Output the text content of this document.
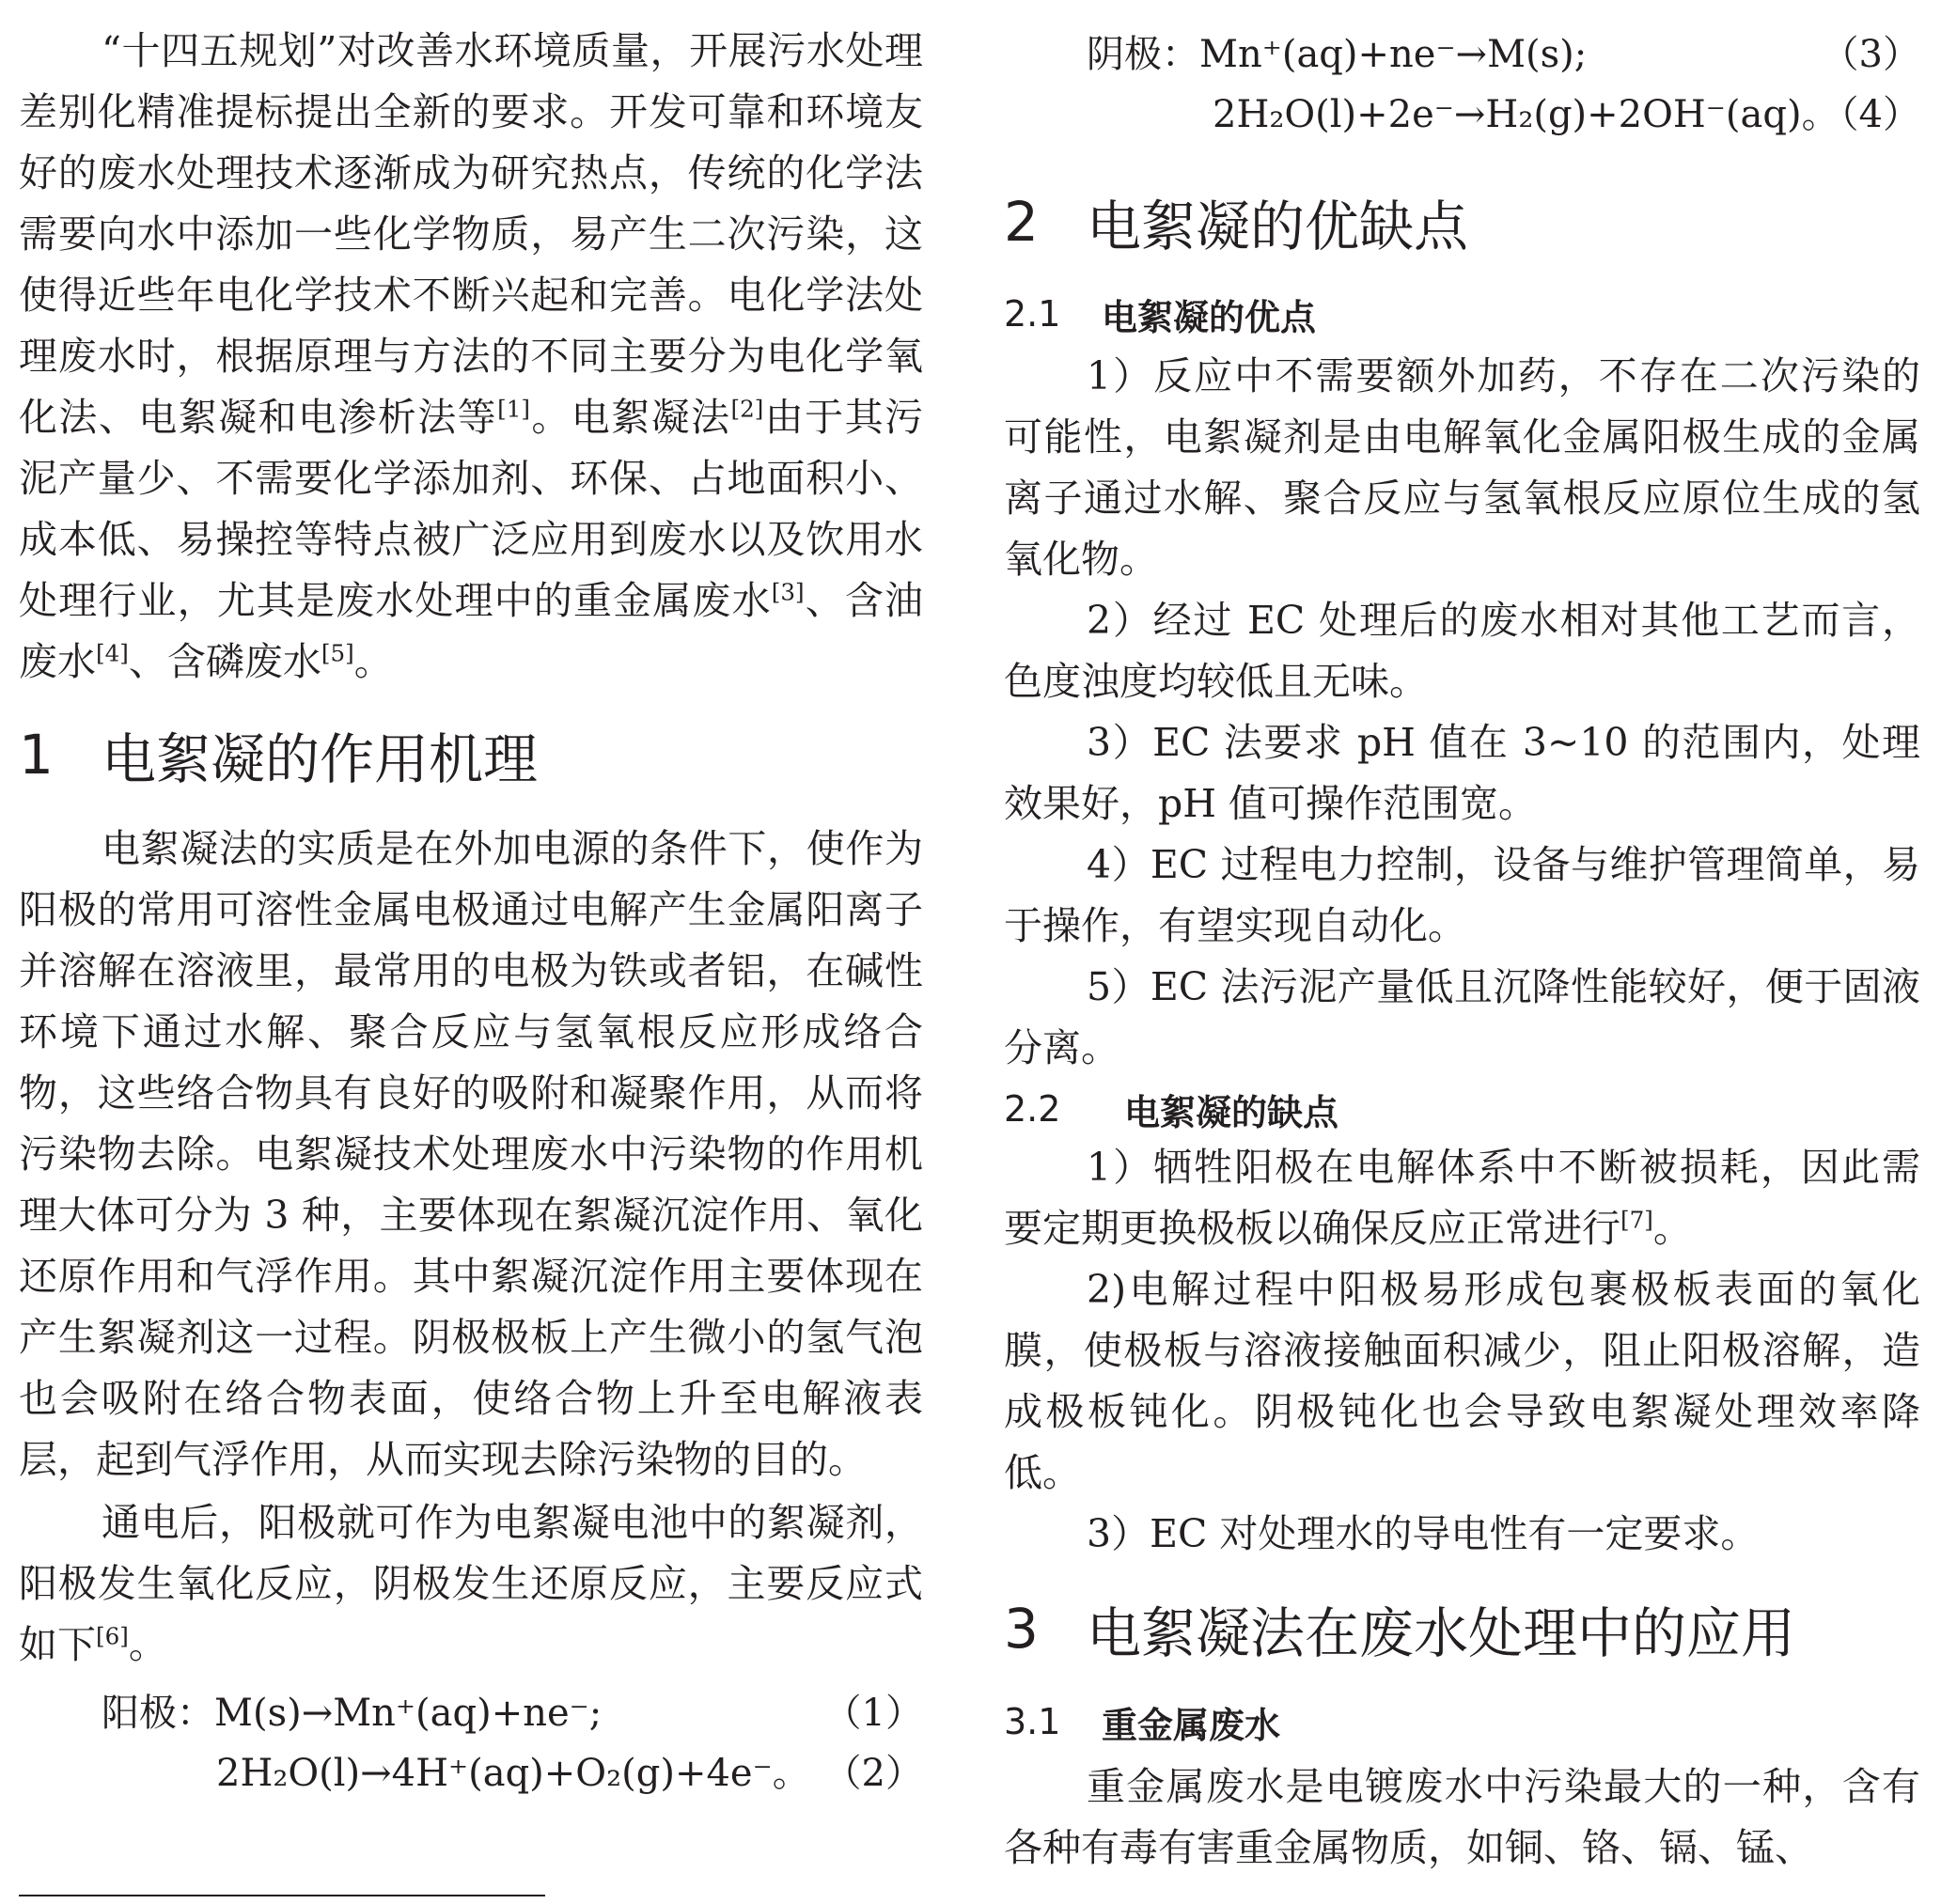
“十四五规划”对改善水环境质量，开展污水处理差别化精准提标提出全新的要求。开发可靠和环境友好的废水处理技术逐渐成为研究热点，传统的化学法需要向水中添加一些化学物质，易产生二次污染，这使得近些年电化学技术不断兴起和完善。电化学法处理废水时，根据原理与方法的不同主要分为电化学氧化法、电絮凝和电渗析法等[1]。电絮凝法[2]由于其污泥产量少、不需要化学添加剂、环保、占地面积小、成本低、易操控等特点被广泛应用到废水以及饮用水处理行业，尤其是废水处理中的重金属废水[3]、含油废水[4]、含磷废水[5]。

1 电絮凝的作用机理

电絮凝法的实质是在外加电源的条件下，使作为阳极的常用可溶性金属电极通过电解产生金属阳离子并溶解在溶液里，最常用的电极为铁或者铝，在碱性环境下通过水解、聚合反应与氢氧根反应形成络合物，这些络合物具有良好的吸附和凝聚作用，从而将污染物去除。电絮凝技术处理废水中污染物的作用机理大体可分为 3 种，主要体现在絮凝沉淀作用、氧化还原作用和气浮作用。其中絮凝沉淀作用主要体现在产生絮凝剂这一过程。阴极极板上产生微小的氢气泡也会吸附在络合物表面，使络合物上升至电解液表层，起到气浮作用，从而实现去除污染物的目的。

通电后，阳极就可作为电絮凝电池中的絮凝剂，阳极发生氧化反应，阴极发生还原反应，主要反应式如下[6]。

阳极：M(s)→Mn⁺(aq)+ne⁻;	（1）
2H₂O(l)→4H⁺(aq)+O₂(g)+4e⁻。 （2）
阴极：Mn⁺(aq)+ne⁻→M(s);	（3）
2H₂O(l)+2e⁻→H₂(g)+2OH⁻(aq)。
（4）
2 电絮凝的优缺点
2.1	电絮凝的优点

1）反应中不需要额外加药，不存在二次污染的可能性，电絮凝剂是由电解氧化金属阳极生成的金属离子通过水解、聚合反应与氢氧根反应原位生成的氢氧化物。

2）经过 EC 处理后的废水相对其他工艺而言，色度浊度均较低且无味。

3）EC 法要求 pH 值在 3~10 的范围内，处理效果好，pH 值可操作范围宽。

4）EC 过程电力控制，设备与维护管理简单，易于操作，有望实现自动化。

5）EC 法污泥产量低且沉降性能较好，便于固液分离。

2.2	电絮凝的缺点

1）牺牲阳极在电解体系中不断被损耗，因此需要定期更换极板以确保反应正常进行[7]。

2)电解过程中阳极易形成包裹极板表面的氧化膜，使极板与溶液接触面积减少，阻止阳极溶解，造成极板钝化。阴极钝化也会导致电絮凝处理效率降低。

3）EC 对处理水的导电性有一定要求。

3 电絮凝法在废水处理中的应用
3.1	重金属废水

重金属废水是电镀废水中污染最大的一种，含有各种有毒有害重金属物质，如铜、铬、镉、锰、
